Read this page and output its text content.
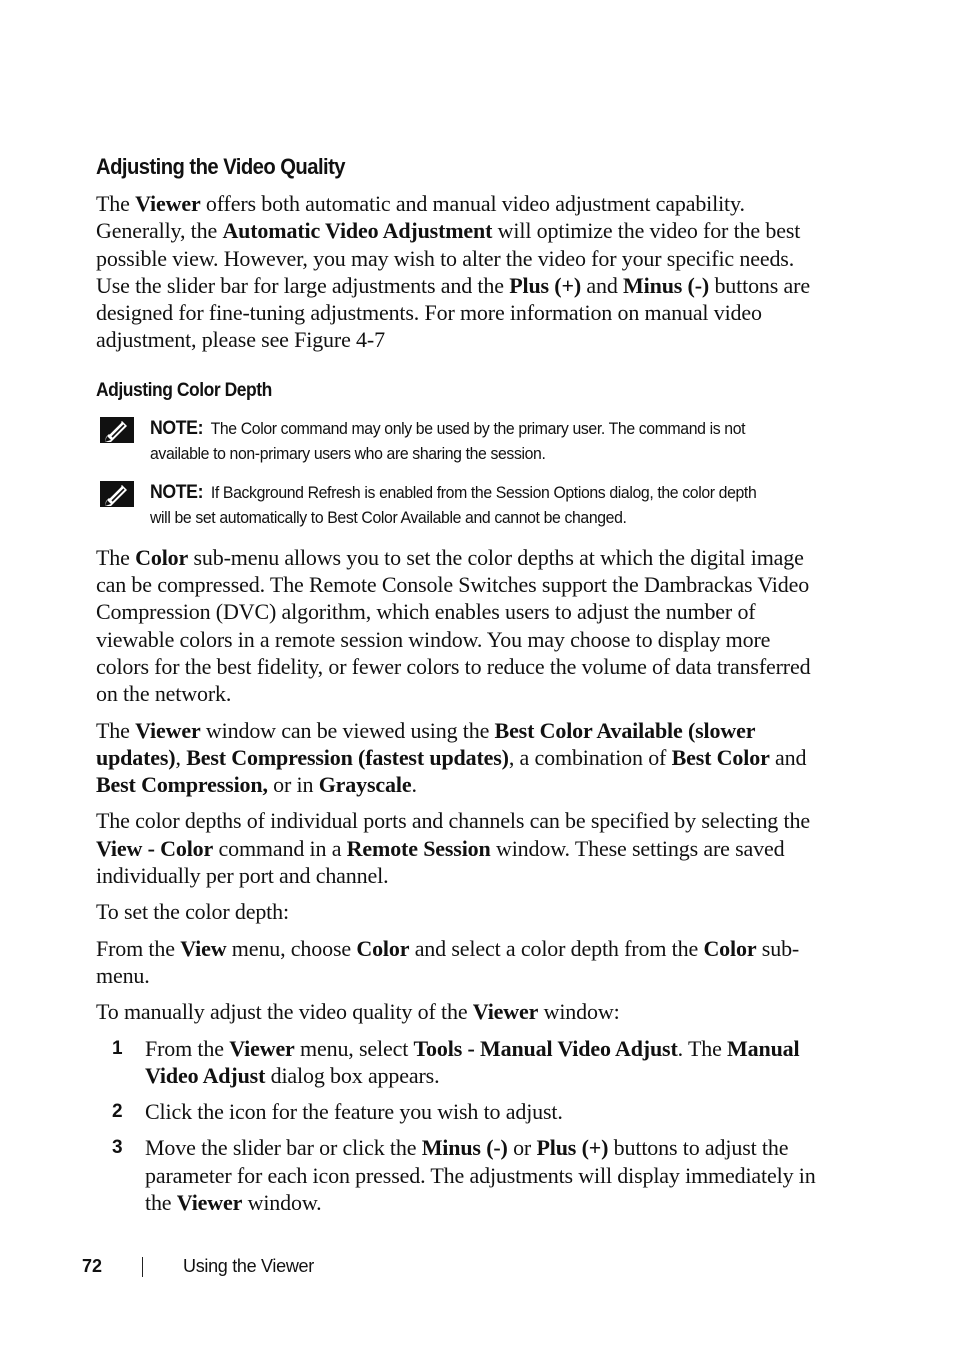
Adjusting the Video Quality

The Viewer offers both automatic and manual video adjustment capability. Generally, the Automatic Video Adjustment will optimize the video for the best possible view. However, you may wish to alter the video for your specific needs. Use the slider bar for large adjustments and the Plus (+) and Minus (-) buttons are designed for fine-tuning adjustments. For more information on manual video adjustment, please see Figure 4-7

Adjusting Color Depth
NOTE: The Color command may only be used by the primary user. The command is not available to non-primary users who are sharing the session.
NOTE: If Background Refresh is enabled from the Session Options dialog, the color depth will be set automatically to Best Color Available and cannot be changed.

The Color sub-menu allows you to set the color depths at which the digital image can be compressed. The Remote Console Switches support the Dambrackas Video Compression (DVC) algorithm, which enables users to adjust the number of viewable colors in a remote session window. You may choose to display more colors for the best fidelity, or fewer colors to reduce the volume of data transferred on the network.

The Viewer window can be viewed using the Best Color Available (slower updates), Best Compression (fastest updates), a combination of Best Color and Best Compression, or in Grayscale.

The color depths of individual ports and channels can be specified by selecting the View - Color command in a Remote Session window. These settings are saved individually per port and channel.

To set the color depth:

From the View menu, choose Color and select a color depth from the Color sub-menu.

To manually adjust the video quality of the Viewer window:

1	From the Viewer menu, select Tools - Manual Video Adjust. The Manual Video Adjust dialog box appears.
2	Click the icon for the feature you wish to adjust.
3	Move the slider bar or click the Minus (-) or Plus (+) buttons to adjust the parameter for each icon pressed. The adjustments will display immediately in the Viewer window.
72	Using the Viewer
